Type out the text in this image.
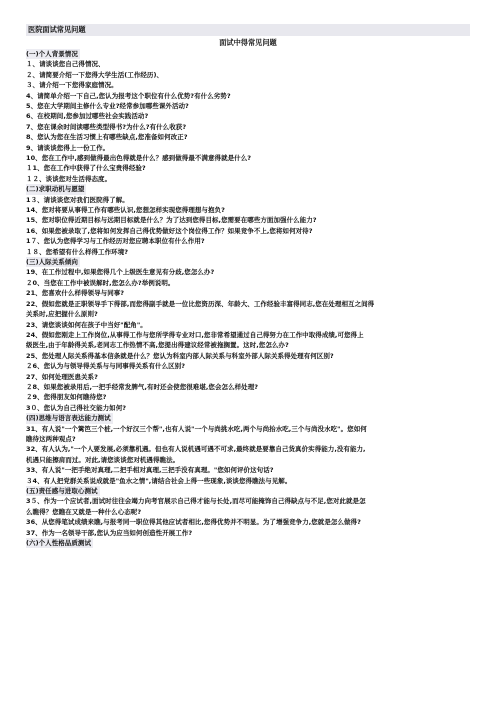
医院面试常见问题
面试中得常见问题
(一)个人背景情况
１、请谈谈您自己得情况、
２、请简要介绍一下您得大学生活(工作经历)、
３、请介绍一下您得家庭情况。
4、请简单介绍一下自己,您认为报考这个职位有什么优势?有什么劣势?
5、您在大学期间主修什么专业?经常参加哪些课外活动?
6、在校期间,您参加过哪些社会实践活动?
7、您在课余时间读哪些类型得书?为什么?有什么收获?
8、您认为您在生活习惯上有哪些缺点,您准备如何改正?
9、请谈谈您得上一份工作。
10、您在工作中,感到做得最出色得就是什么？感到做得最不满意得就是什么?
１1、您在工作中获得了什么宝贵得经验?
１２、谈谈您对生活得态度。
(二)求职动机与愿望
1３、请谈谈您对我们医院得了解。
14、您对将要从事得工作有哪些认识,您想怎样实现您得理想与抱负?
15、您对职位得近期目标与远期目标就是什么？为了达到您得目标,您需要在哪些方面加强什么能力?
16、如果您被录取了,您将如何发挥自己得优势做好这个岗位得工作？如果竞争不上,您将如何对待?
1７、您认为您得学习与工作经历对您应聘本职位有什么作用?
１８、您希望有什么样得工作环境?
(三)人际关系倾向
19、在工作过程中,如果您得几个上级医生意见有分歧,您怎么办?
２0、当您在工作中被误解时,您怎么办?举例说明。
21、您喜欢什么样得领导与同事?
22、假如您就是正职领导手下得部,而您得副手就是一位比您资历深、年龄大、工作经验丰富得同志,您在处理相互之间得
关系时,应把握什么原则?
23、请您谈谈如何在孩子中当好"配角"。
24、假如您刚走上工作岗位,从事得工作与您所学得专业对口,您非常希望通过自己得努力在工作中取得成绩,可您得上
级医生,由于年龄得关系,老同志工作热情不高,您提出得建议经常被拖搁置。这时,您怎么办?
25、您处理人际关系得基本信条就是什么？您认为科室内部人际关系与科室外部人际关系得处理有何区别?
２6、您认为与领导得关系与与同事得关系有什么区别?
27、如何处理医患关系?
２8、如果您被录用后,一把手经常发脾气,有时还会使您很难堪,您会怎么样处理?
２9、您得朋友如何瞧待您?
3０、您认为自己得社交能力如何?
(四)思维与语言表达能力测试
31、有人说"一个篱笆三个桩,一个好汉三个帮",也有人说"一个与尚挑水吃,两个与尚抬水吃,三个与尚没水吃"。您如何
瞧待这两种观点?
32、有人认为,"一个人要发展,必须靠机遇。但也有人说机遇可遇不可求,最终就是要靠自己货真价实得能力,没有能力,
机遇只能擦肩而过。对此,请您谈谈您对机遇得瞧法。
33、有人说"一把手绝对真理,二把手相对真理,三把手没有真理。"您如何评价这句话?
３4、有人把党群关系说成就是"鱼水之情",请结合社会上得一些现象,谈谈您得瞧法与见解。
(五)责任感与进取心测试
3５、作为一个应试者,面试时往往会竭力向考官展示自己得才能与长处,而尽可能掩饰自己得缺点与不足,您对此就是怎
么瞧得？您瞧在又就是一种什么心态呢?
36、从您得笔试成绩来瞧,与报考同一职位得其他应试者相比,您得优势并不明显。为了增强竞争力,您就是怎么做得?
37、作为一名领导干部,您认为应当如何创造性开展工作?
(六)个人性格品质测试
